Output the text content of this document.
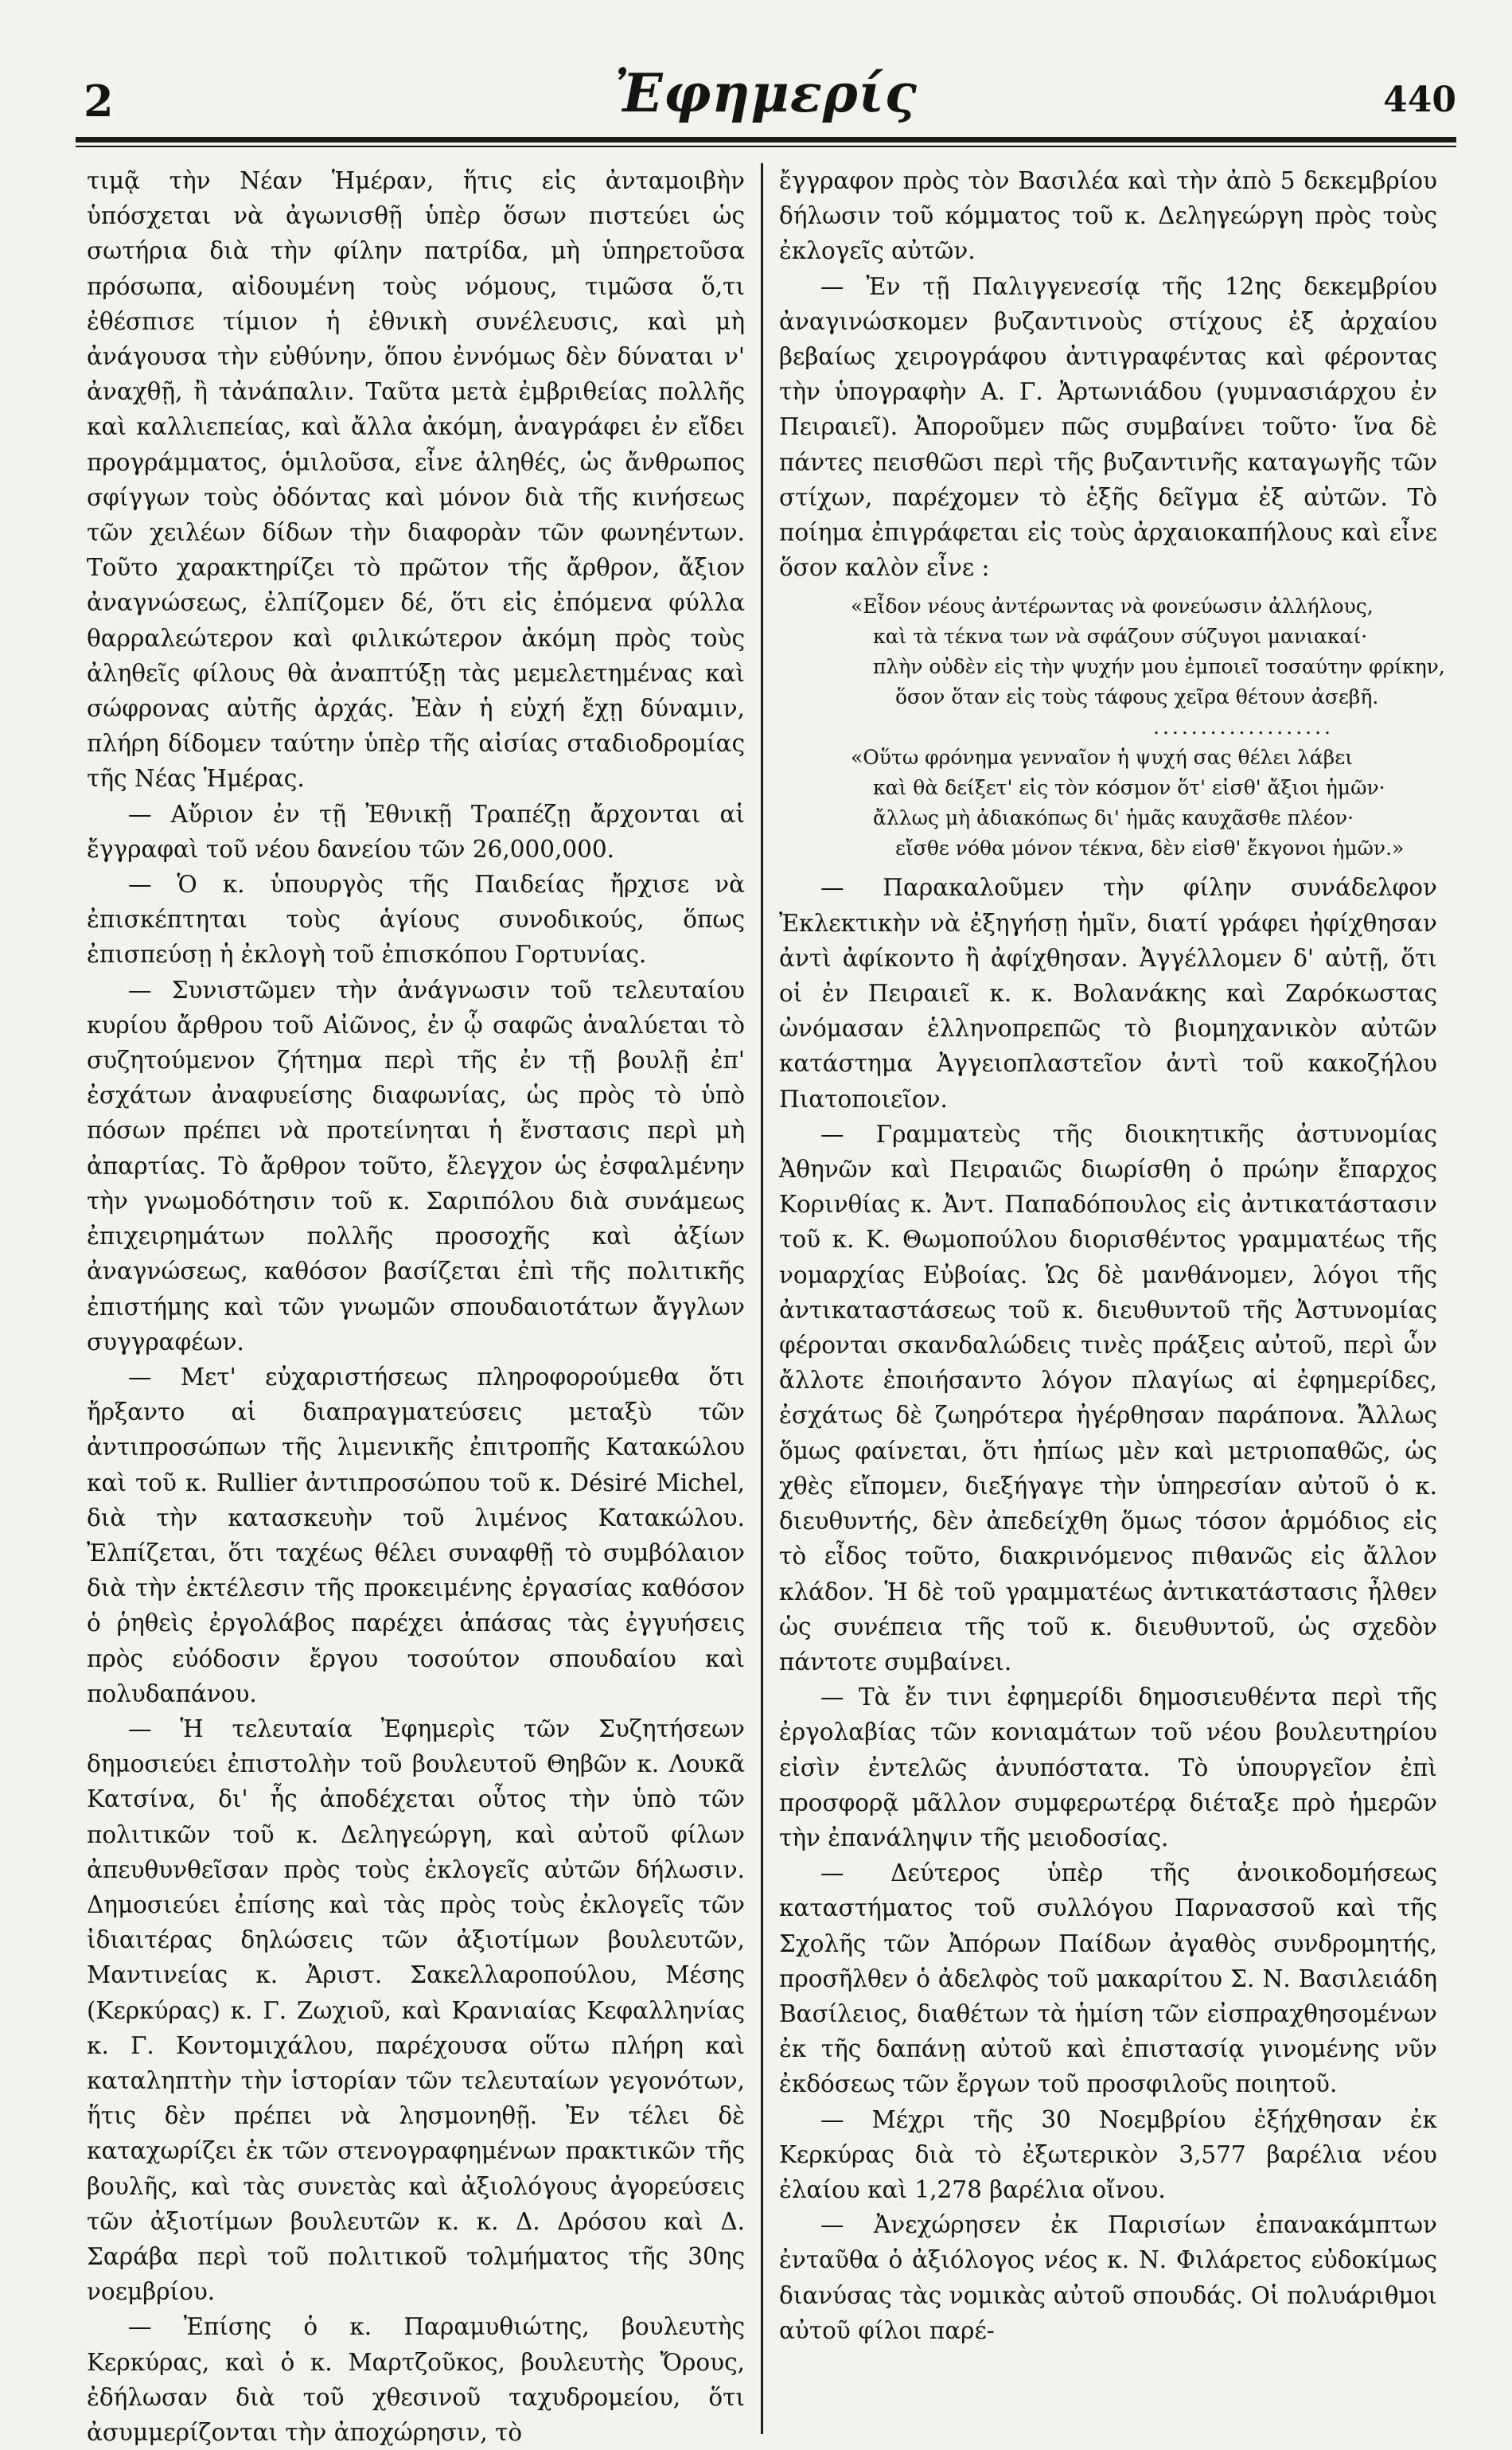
2	Ἐφημερίς	440

τιμᾷ τὴν Νέαν Ἡμέραν, ἥτις εἰς ἀνταμοιβὴν ὑπόσχεται νὰ ἀγωνισθῇ ὑπὲρ ὅσων πιστεύει ὡς σωτήρια διὰ τὴν φίλην πατρίδα, μὴ ὑπηρετοῦσα πρόσωπα, αἰδουμένη τοὺς νόμους, τιμῶσα ὅ,τι ἐθέσπισε τίμιον ἡ ἐθνικὴ συνέλευσις, καὶ μὴ ἀνάγουσα τὴν εὐθύνην, ὅπου ἐννόμως δὲν δύναται ν' ἀναχθῇ, ἢ τἀνάπαλιν. Ταῦτα μετὰ ἐμβριθείας πολλῆς καὶ καλλιεπείας, καὶ ἄλλα ἀκόμη, ἀναγράφει ἐν εἴδει προγράμματος, ὁμιλοῦσα, εἶνε ἀληθές, ὡς ἄνθρωπος σφίγγων τοὺς ὀδόντας καὶ μόνον διὰ τῆς κινήσεως τῶν χειλέων δίδων τὴν διαφορὰν τῶν φωνηέντων. Τοῦτο χαρακτηρίζει τὸ πρῶτον τῆς ἄρθρον, ἄξιον ἀναγνώσεως, ἐλπίζομεν δέ, ὅτι εἰς ἐπόμενα φύλλα θαρραλεώτερον καὶ φιλικώτερον ἀκόμη πρὸς τοὺς ἀληθεῖς φίλους θὰ ἀναπτύξῃ τὰς μεμελετημένας καὶ σώφρονας αὐτῆς ἀρχάς. Ἐὰν ἡ εὐχή ἔχῃ δύναμιν, πλήρη δίδομεν ταύτην ὑπὲρ τῆς αἰσίας σταδιοδρομίας τῆς Νέας Ἡμέρας.

— Αὔριον ἐν τῇ Ἐθνικῇ Τραπέζῃ ἄρχονται αἱ ἔγγραφαὶ τοῦ νέου δανείου τῶν 26,000,000.

— Ὁ κ. ὑπουργὸς τῆς Παιδείας ἤρχισε νὰ ἐπισκέπτηται τοὺς ἁγίους συνοδικούς, ὅπως ἐπισπεύσῃ ἡ ἐκλογὴ τοῦ ἐπισκόπου Γορτυνίας.

— Συνιστῶμεν τὴν ἀνάγνωσιν τοῦ τελευταίου κυρίου ἄρθρου τοῦ Αἰῶνος, ἐν ᾧ σαφῶς ἀναλύεται τὸ συζητούμενον ζήτημα περὶ τῆς ἐν τῇ βουλῇ ἐπ' ἐσχάτων ἀναφυείσης διαφωνίας, ὡς πρὸς τὸ ὑπὸ πόσων πρέπει νὰ προτείνηται ἡ ἔνστασις περὶ μὴ ἀπαρτίας. Τὸ ἄρθρον τοῦτο, ἔλεγχον ὡς ἐσφαλμένην τὴν γνωμοδότησιν τοῦ κ. Σαριπόλου διὰ συνάμεως ἐπιχειρημάτων πολλῆς προσοχῆς καὶ ἀξίων ἀναγνώσεως, καθόσον βασίζεται ἐπὶ τῆς πολιτικῆς ἐπιστήμης καὶ τῶν γνωμῶν σπουδαιοτάτων ἄγγλων συγγραφέων.

— Μετ' εὐχαριστήσεως πληροφορούμεθα ὅτι ἤρξαντο αἱ διαπραγματεύσεις μεταξὺ τῶν ἀντιπροσώπων τῆς λιμενικῆς ἐπιτροπῆς Κατακώλου καὶ τοῦ κ. Rullier ἀντιπροσώπου τοῦ κ. Désiré Michel, διὰ τὴν κατασκευὴν τοῦ λιμένος Κατακώλου. Ἐλπίζεται, ὅτι ταχέως θέλει συναφθῇ τὸ συμβόλαιον διὰ τὴν ἐκτέλεσιν τῆς προκειμένης ἐργασίας καθόσον ὁ ῥηθεὶς ἐργολάβος παρέχει ἁπάσας τὰς ἐγγυήσεις πρὸς εὐόδοσιν ἔργου τοσούτον σπουδαίου καὶ πολυδαπάνου.

— Ἡ τελευταία Ἐφημερὶς τῶν Συζητήσεων δημοσιεύει ἐπιστολὴν τοῦ βουλευτοῦ Θηβῶν κ. Λουκᾶ Κατσίνα, δι' ἧς ἀποδέχεται οὗτος τὴν ὑπὸ τῶν πολιτικῶν τοῦ κ. Δεληγεώργη, καὶ αὐτοῦ φίλων ἀπευθυνθεῖσαν πρὸς τοὺς ἐκλογεῖς αὐτῶν δήλωσιν. Δημοσιεύει ἐπίσης καὶ τὰς πρὸς τοὺς ἐκλογεῖς τῶν ἰδιαιτέρας δηλώσεις τῶν ἀξιοτίμων βουλευτῶν, Μαντινείας κ. Ἀριστ. Σακελλαροπούλου, Μέσης (Κερκύρας) κ. Γ. Ζωχιοῦ, καὶ Κρανιαίας Κεφαλληνίας κ. Γ. Κοντομιχάλου, παρέχουσα οὕτω πλήρη καὶ καταληπτὴν τὴν ἱστορίαν τῶν τελευταίων γεγονότων, ἥτις δὲν πρέπει νὰ λησμονηθῇ. Ἐν τέλει δὲ καταχωρίζει ἐκ τῶν στενογραφημένων πρακτικῶν τῆς βουλῆς, καὶ τὰς συνετὰς καὶ ἀξιολόγους ἀγορεύσεις τῶν ἀξιοτίμων βουλευτῶν κ. κ. Δ. Δρόσου καὶ Δ. Σαράβα περὶ τοῦ πολιτικοῦ τολμήματος τῆς 30ης νοεμβρίου.

— Ἐπίσης ὁ κ. Παραμυθιώτης, βουλευτὴς Κερκύρας, καὶ ὁ κ. Μαρτζοῦκος, βουλευτὴς Ὄρους, ἐδήλωσαν διὰ τοῦ χθεσινοῦ ταχυδρομείου, ὅτι ἀσυμμερίζονται τὴν ἀποχώρησιν, τὸ

ἔγγραφον πρὸς τὸν Βασιλέα καὶ τὴν ἀπὸ 5 δεκεμβρίου δήλωσιν τοῦ κόμματος τοῦ κ. Δεληγεώργη πρὸς τοὺς ἐκλογεῖς αὐτῶν.

— Ἐν τῇ Παλιγγενεσίᾳ τῆς 12ης δεκεμβρίου ἀναγινώσκομεν βυζαντινοὺς στίχους ἐξ ἀρχαίου βεβαίως χειρογράφου ἀντιγραφέντας καὶ φέροντας τὴν ὑπογραφὴν Α. Γ. Ἀρτωνιάδου (γυμνασιάρχου ἐν Πειραιεῖ). Ἀποροῦμεν πῶς συμβαίνει τοῦτο· ἵνα δὲ πάντες πεισθῶσι περὶ τῆς βυζαντινῆς καταγωγῆς τῶν στίχων, παρέχομεν τὸ ἑξῆς δεῖγμα ἐξ αὐτῶν. Τὸ ποίημα ἐπιγράφεται εἰς τοὺς ἀρχαιοκαπήλους καὶ εἶνε ὅσον καλὸν εἶνε :

«Εἶδον νέους ἀντέρωντας νὰ φονεύωσιν ἀλλήλους,
καὶ τὰ τέκνα των νὰ σφάζουν σύζυγοι μανιακαί·
πλὴν οὐδὲν εἰς τὴν ψυχήν μου ἐμποιεῖ τοσαύτην φρίκην,
ὅσον ὅταν εἰς τοὺς τάφους χεῖρα θέτουν ἀσεβῆ.
...................
«Οὕτω φρόνημα γενναῖον ἡ ψυχή σας θέλει λάβει
καὶ θὰ δείξετ' εἰς τὸν κόσμον ὅτ' εἰσθ' ἄξιοι ἡμῶν·
ἄλλως μὴ ἀδιακόπως δι' ἡμᾶς καυχᾶσθε πλέον·
εἴσθε νόθα μόνον τέκνα, δὲν εἰσθ' ἔκγονοι ἡμῶν.»

— Παρακαλοῦμεν τὴν φίλην συνάδελφον Ἐκλεκτικὴν νὰ ἐξηγήσῃ ἡμῖν, διατί γράφει ἠφίχθησαν ἀντὶ ἀφίκοντο ἢ ἀφίχθησαν. Ἀγγέλλομεν δ' αὐτῇ, ὅτι οἱ ἐν Πειραιεῖ κ. κ. Βολανάκης καὶ Ζαρόκωστας ὠνόμασαν ἑλληνοπρεπῶς τὸ βιομηχανικὸν αὐτῶν κατάστημα Ἀγγειοπλαστεῖον ἀντὶ τοῦ κακοζήλου Πιατοποιεῖον.

— Γραμματεὺς τῆς διοικητικῆς ἀστυνομίας Ἀθηνῶν καὶ Πειραιῶς διωρίσθη ὁ πρώην ἔπαρχος Κορινθίας κ. Ἀντ. Παπαδόπουλος εἰς ἀντικατάστασιν τοῦ κ. Κ. Θωμοπούλου διορισθέντος γραμματέως τῆς νομαρχίας Εὐβοίας. Ὡς δὲ μανθάνομεν, λόγοι τῆς ἀντικαταστάσεως τοῦ κ. διευθυντοῦ τῆς Ἀστυνομίας φέρονται σκανδαλώδεις τινὲς πράξεις αὐτοῦ, περὶ ὧν ἄλλοτε ἐποιήσαντο λόγον πλαγίως αἱ ἐφημερίδες, ἐσχάτως δὲ ζωηρότερα ἠγέρθησαν παράπονα. Ἄλλως ὅμως φαίνεται, ὅτι ἠπίως μὲν καὶ μετριοπαθῶς, ὡς χθὲς εἴπομεν, διεξήγαγε τὴν ὑπηρεσίαν αὐτοῦ ὁ κ. διευθυντής, δὲν ἀπεδείχθη ὅμως τόσον ἁρμόδιος εἰς τὸ εἶδος τοῦτο, διακρινόμενος πιθανῶς εἰς ἄλλον κλάδον. Ἡ δὲ τοῦ γραμματέως ἀντικατάστασις ἦλθεν ὡς συνέπεια τῆς τοῦ κ. διευθυντοῦ, ὡς σχεδὸν πάντοτε συμβαίνει.

— Τὰ ἔν τινι ἐφημερίδι δημοσιευθέντα περὶ τῆς ἐργολαβίας τῶν κονιαμάτων τοῦ νέου βουλευτηρίου εἰσὶν ἐντελῶς ἀνυπόστατα. Τὸ ὑπουργεῖον ἐπὶ προσφορᾷ μᾶλλον συμφερωτέρᾳ διέταξε πρὸ ἡμερῶν τὴν ἐπανάληψιν τῆς μειοδοσίας.

— Δεύτερος ὑπὲρ τῆς ἀνοικοδομήσεως καταστήματος τοῦ συλλόγου Παρνασσοῦ καὶ τῆς Σχολῆς τῶν Ἀπόρων Παίδων ἀγαθὸς συνδρομητής, προσῆλθεν ὁ ἀδελφὸς τοῦ μακαρίτου Σ. Ν. Βασιλειάδη Βασίλειος, διαθέτων τὰ ἡμίση τῶν εἰσπραχθησομένων ἐκ τῆς δαπάνῃ αὐτοῦ καὶ ἐπιστασίᾳ γινομένης νῦν ἐκδόσεως τῶν ἔργων τοῦ προσφιλοῦς ποιητοῦ.

— Μέχρι τῆς 30 Νοεμβρίου ἐξήχθησαν ἐκ Κερκύρας διὰ τὸ ἐξωτερικὸν 3,577 βαρέλια νέου ἐλαίου καὶ 1,278 βαρέλια οἴνου.

— Ἀνεχώρησεν ἐκ Παρισίων ἐπανακάμπτων ἐνταῦθα ὁ ἀξιόλογος νέος κ. Ν. Φιλάρετος εὐδοκίμως διανύσας τὰς νομικὰς αὐτοῦ σπουδάς. Οἱ πολυάριθμοι αὐτοῦ φίλοι παρέ-
